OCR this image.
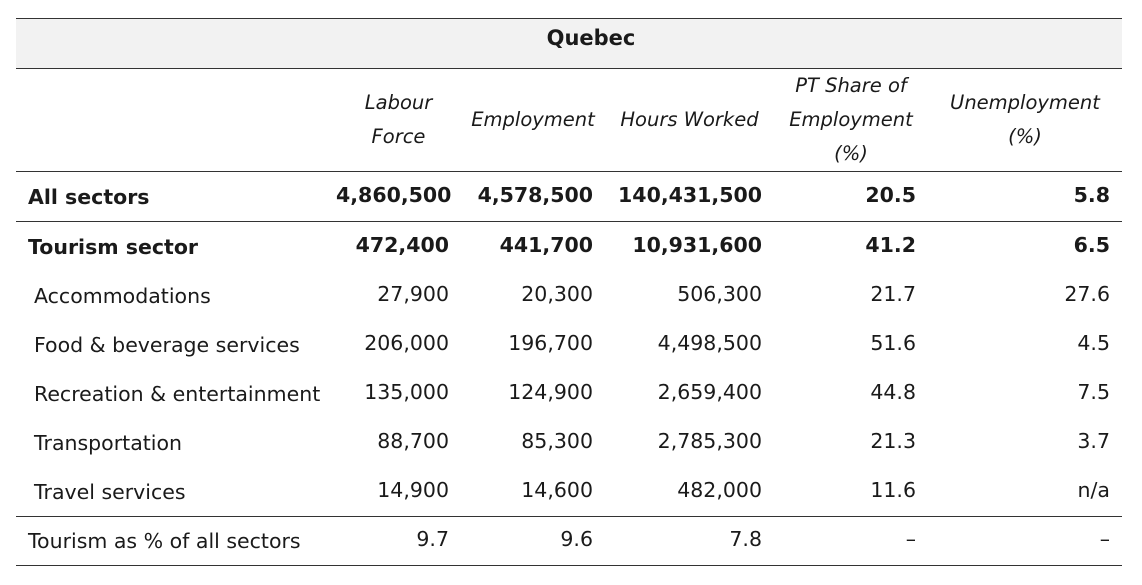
Quebec					
	Labour Force	Employment	Hours Worked	PT Share of Employment (%)	Unemployment (%)
All sectors	4,860,500	4,578,500	140,431,500	20.5	5.8
Tourism sector	472,400	441,700	10,931,600	41.2	6.5
Accommodations	27,900	20,300	506,300	21.7	27.6
Food & beverage services	206,000	196,700	4,498,500	51.6	4.5
Recreation & entertainment	135,000	124,900	2,659,400	44.8	7.5
Transportation	88,700	85,300	2,785,300	21.3	3.7
Travel services	14,900	14,600	482,000	11.6	n/a
Tourism as % of all sectors	9.7	9.6	7.8	–	–
